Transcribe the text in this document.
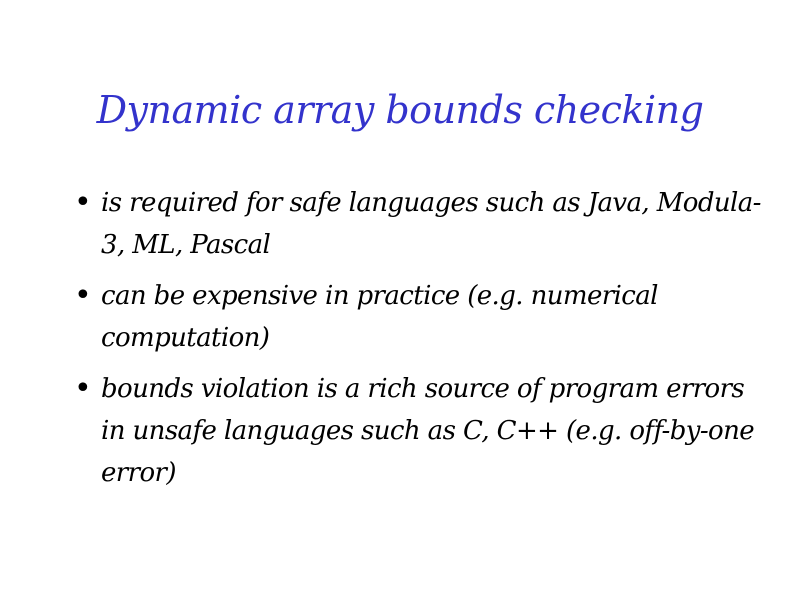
Dynamic array bounds checking
• is required for safe languages such as Java, Modula-3, ML, Pascal
• can be expensive in practice (e.g. numerical computation)
• bounds violation is a rich source of program errors in unsafe languages such as C, C++ (e.g. off-by-one error)
